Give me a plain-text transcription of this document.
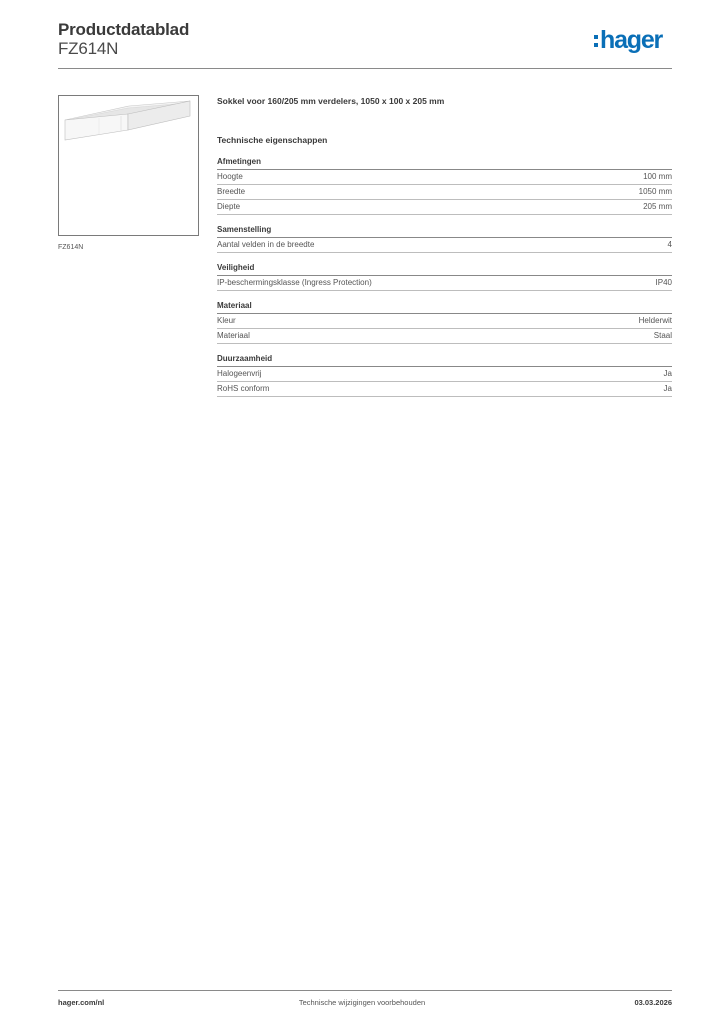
Productdatablad
FZ614N	hager
FZ614N
Sokkel voor 160/205 mm verdelers, 1050 x 100 x 205 mm
Technische eigenschappen
Afmetingen
Hoogte	100 mm
Breedte	1050 mm
Diepte	205 mm
Samenstelling
Aantal velden in de breedte	4
Veiligheid
IP-beschermingsklasse (Ingress Protection)	IP40
Materiaal
Kleur	Helderwit
Materiaal	Staal
Duurzaamheid
Halogeenvrij	Ja
RoHS conform	Ja
hager.com/nl	Technische wijzigingen voorbehouden	03.03.2026
